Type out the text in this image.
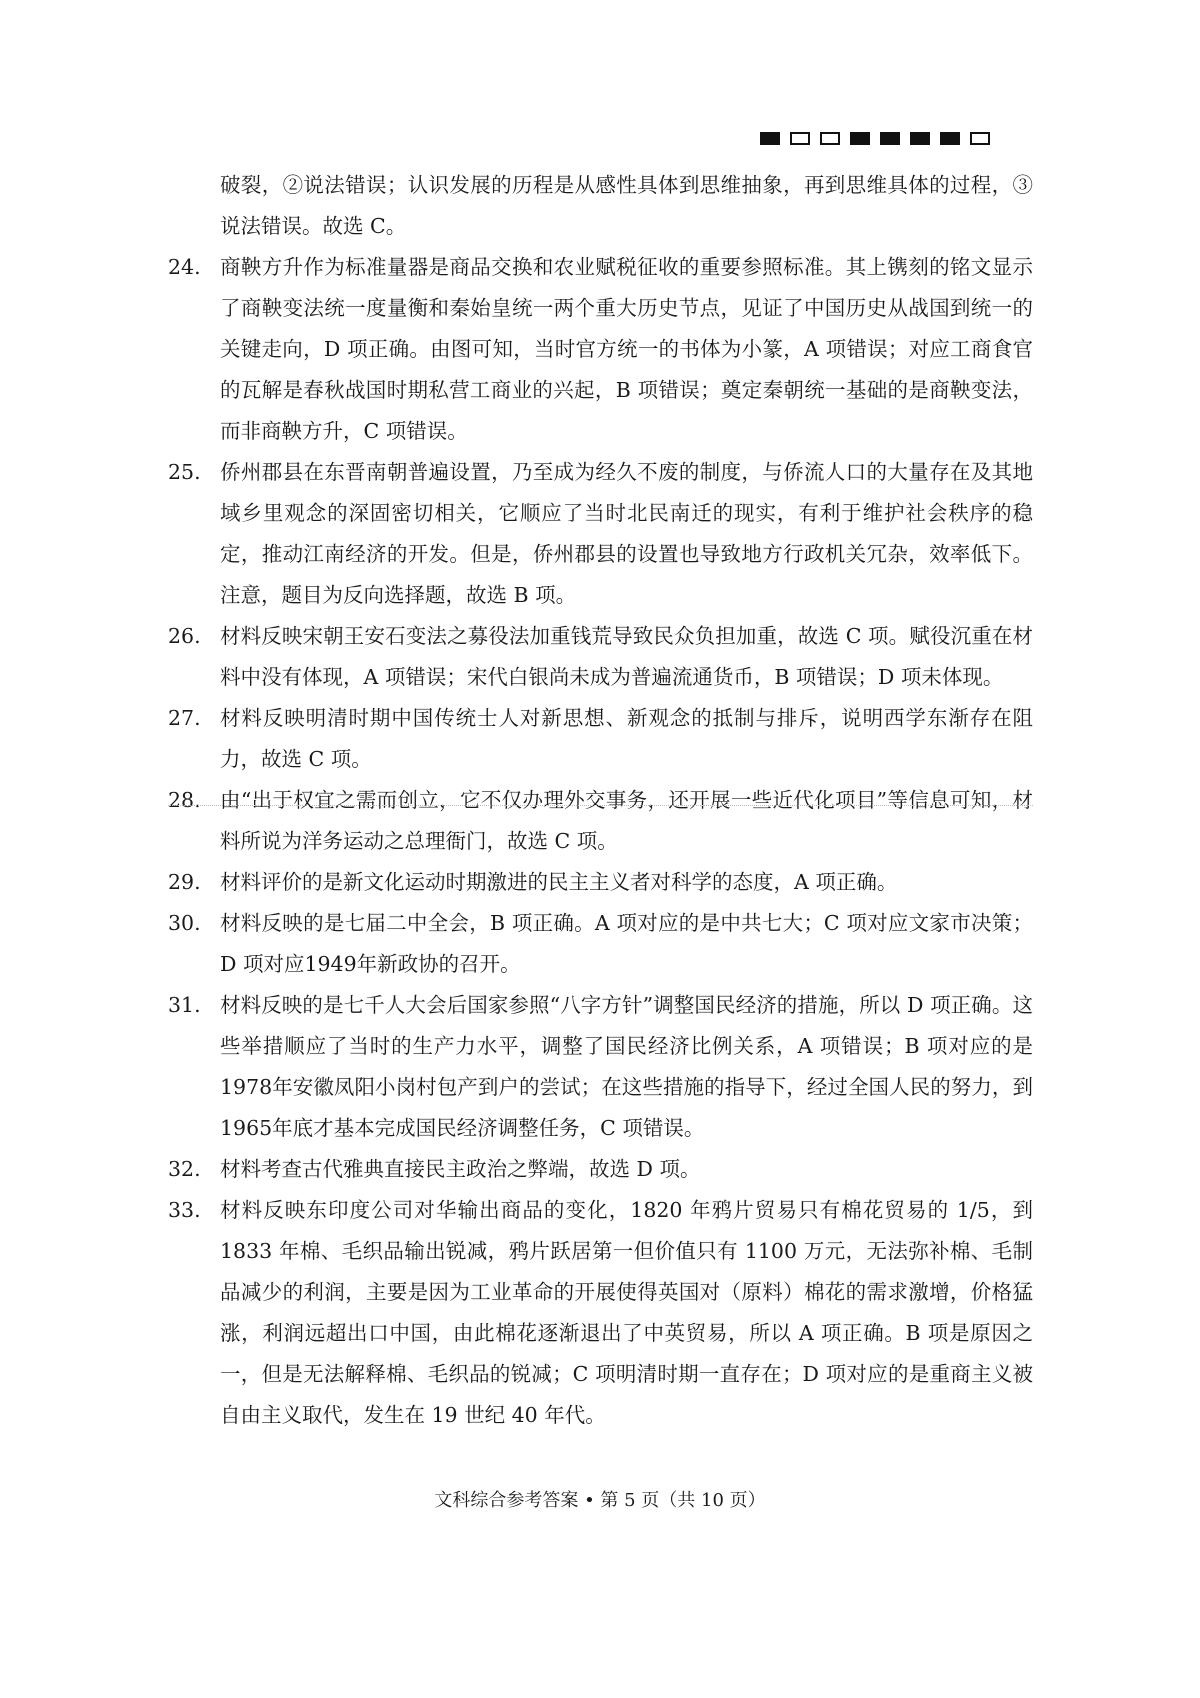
破裂，②说法错误；认识发展的历程是从感性具体到思维抽象，再到思维具体的过程，③说法错误。故选 C。

24. 商鞅方升作为标准量器是商品交换和农业赋税征收的重要参照标准。其上镌刻的铭文显示了商鞅变法统一度量衡和秦始皇统一两个重大历史节点，见证了中国历史从战国到统一的关键走向，D 项正确。由图可知，当时官方统一的书体为小篆，A 项错误；对应工商食官的瓦解是春秋战国时期私营工商业的兴起，B 项错误；奠定秦朝统一基础的是商鞅变法，而非商鞅方升，C 项错误。
25. 侨州郡县在东晋南朝普遍设置，乃至成为经久不废的制度，与侨流人口的大量存在及其地域乡里观念的深固密切相关，它顺应了当时北民南迁的现实，有利于维护社会秩序的稳定，推动江南经济的开发。但是，侨州郡县的设置也导致地方行政机关冗杂，效率低下。注意，题目为反向选择题，故选 B 项。
26. 材料反映宋朝王安石变法之募役法加重钱荒导致民众负担加重，故选 C 项。赋役沉重在材料中没有体现，A 项错误；宋代白银尚未成为普遍流通货币，B 项错误；D 项未体现。
27. 材料反映明清时期中国传统士人对新思想、新观念的抵制与排斥，说明西学东渐存在阻力，故选 C 项。
28. 由“出于权宜之需而创立，它不仅办理外交事务，还开展一些近代化项目”等信息可知，材料所说为洋务运动之总理衙门，故选 C 项。
29. 材料评价的是新文化运动时期激进的民主主义者对科学的态度，A 项正确。
30. 材料反映的是七届二中全会，B 项正确。A 项对应的是中共七大；C 项对应文家市决策；D 项对应1949年新政协的召开。
31. 材料反映的是七千人大会后国家参照“八字方针”调整国民经济的措施，所以 D 项正确。这些举措顺应了当时的生产力水平，调整了国民经济比例关系，A 项错误；B 项对应的是1978年安徽凤阳小岗村包产到户的尝试；在这些措施的指导下，经过全国人民的努力，到1965年底才基本完成国民经济调整任务，C 项错误。
32. 材料考查古代雅典直接民主政治之弊端，故选 D 项。
33. 材料反映东印度公司对华输出商品的变化，1820 年鸦片贸易只有棉花贸易的 1/5，到 1833 年棉、毛织品输出锐减，鸦片跃居第一但价值只有 1100 万元，无法弥补棉、毛制品减少的利润，主要是因为工业革命的开展使得英国对（原料）棉花的需求激增，价格猛涨，利润远超出口中国，由此棉花逐渐退出了中英贸易，所以 A 项正确。B 项是原因之一，但是无法解释棉、毛织品的锐减；C 项明清时期一直存在；D 项对应的是重商主义被自由主义取代，发生在 19 世纪 40 年代。
文科综合参考答案 • 第 5 页（共 10 页）
